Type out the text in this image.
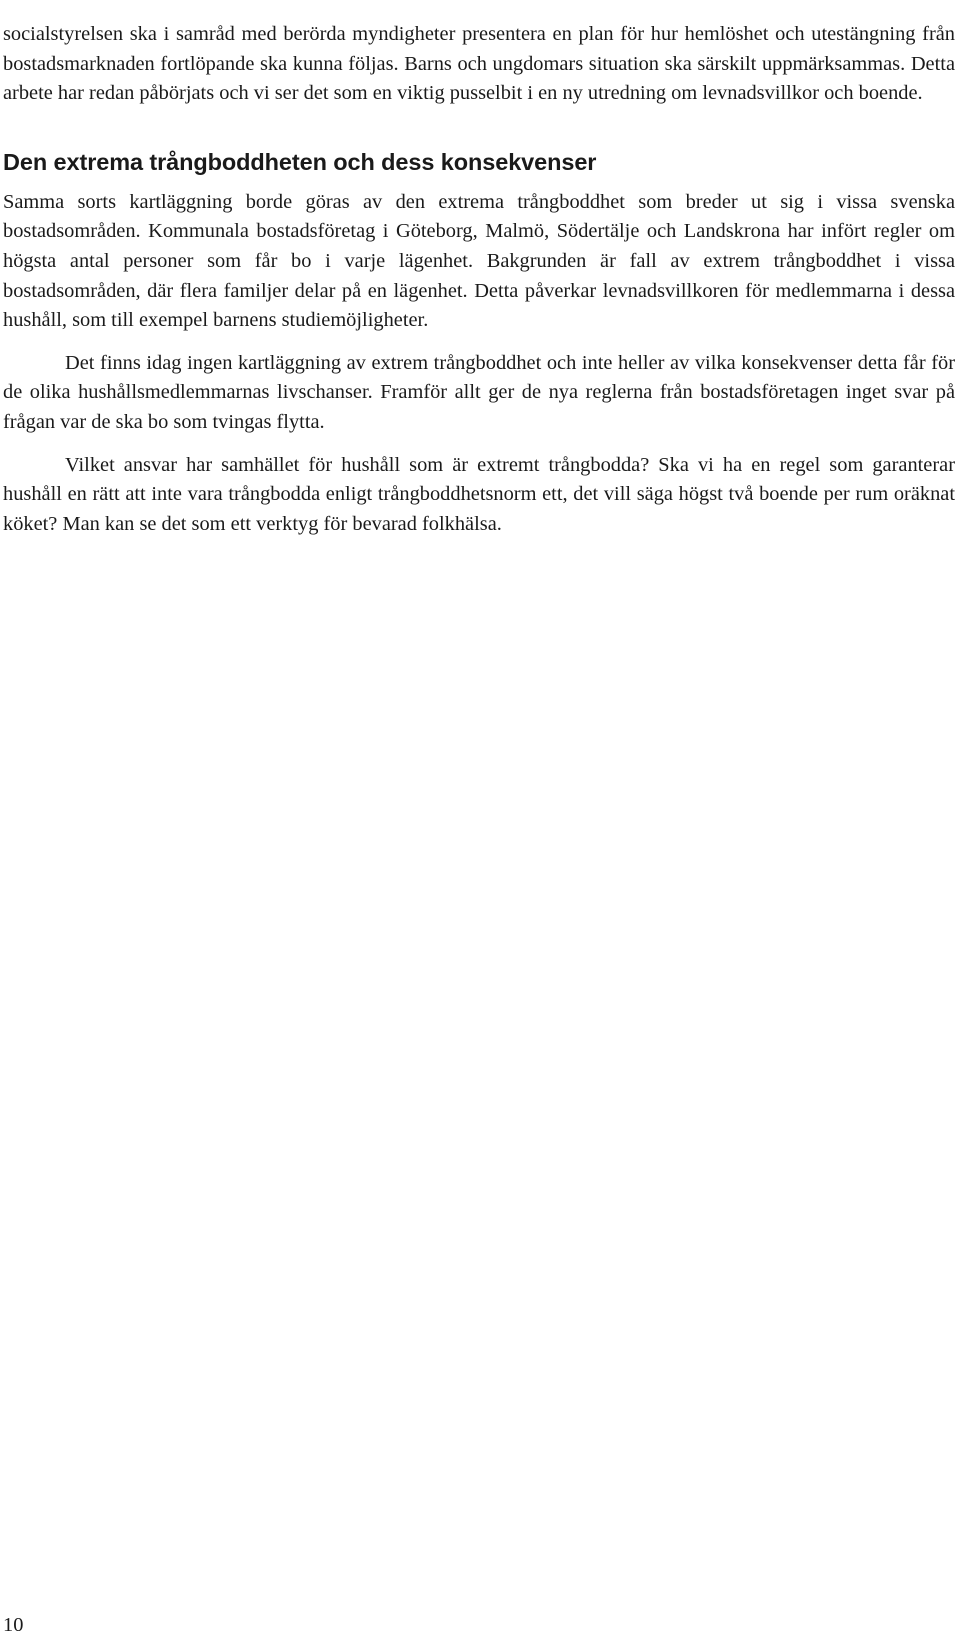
socialstyrelsen ska i samråd med berörda myndigheter presentera en plan för hur hemlöshet och utestängning från bostadsmarknaden fortlöpande ska kunna följas. Barns och ungdomars situation ska särskilt uppmärksammas. Detta arbete har redan påbörjats och vi ser det som en viktig pusselbit i en ny utredning om levnadsvillkor och boende.

Den extrema trångboddheten och dess konsekvenser

Samma sorts kartläggning borde göras av den extrema trångboddhet som breder ut sig i vissa svenska bostadsområden. Kommunala bostadsföretag i Göteborg, Malmö, Södertälje och Landskrona har infört regler om högsta antal personer som får bo i varje lägenhet. Bakgrunden är fall av extrem trångboddhet i vissa bostadsområden, där flera familjer delar på en lägenhet. Detta påverkar levnadsvillkoren för medlemmarna i dessa hushåll, som till exempel barnens studiemöjligheter.

Det finns idag ingen kartläggning av extrem trångboddhet och inte heller av vilka konsekvenser detta får för de olika hushållsmedlemmarnas livschanser. Framför allt ger de nya reglerna från bostadsföretagen inget svar på frågan var de ska bo som tvingas flytta.

Vilket ansvar har samhället för hushåll som är extremt trångbodda? Ska vi ha en regel som garanterar hushåll en rätt att inte vara trångbodda enligt trångboddhetsnorm ett, det vill säga högst två boende per rum oräknat köket? Man kan se det som ett verktyg för bevarad folkhälsa.

10
